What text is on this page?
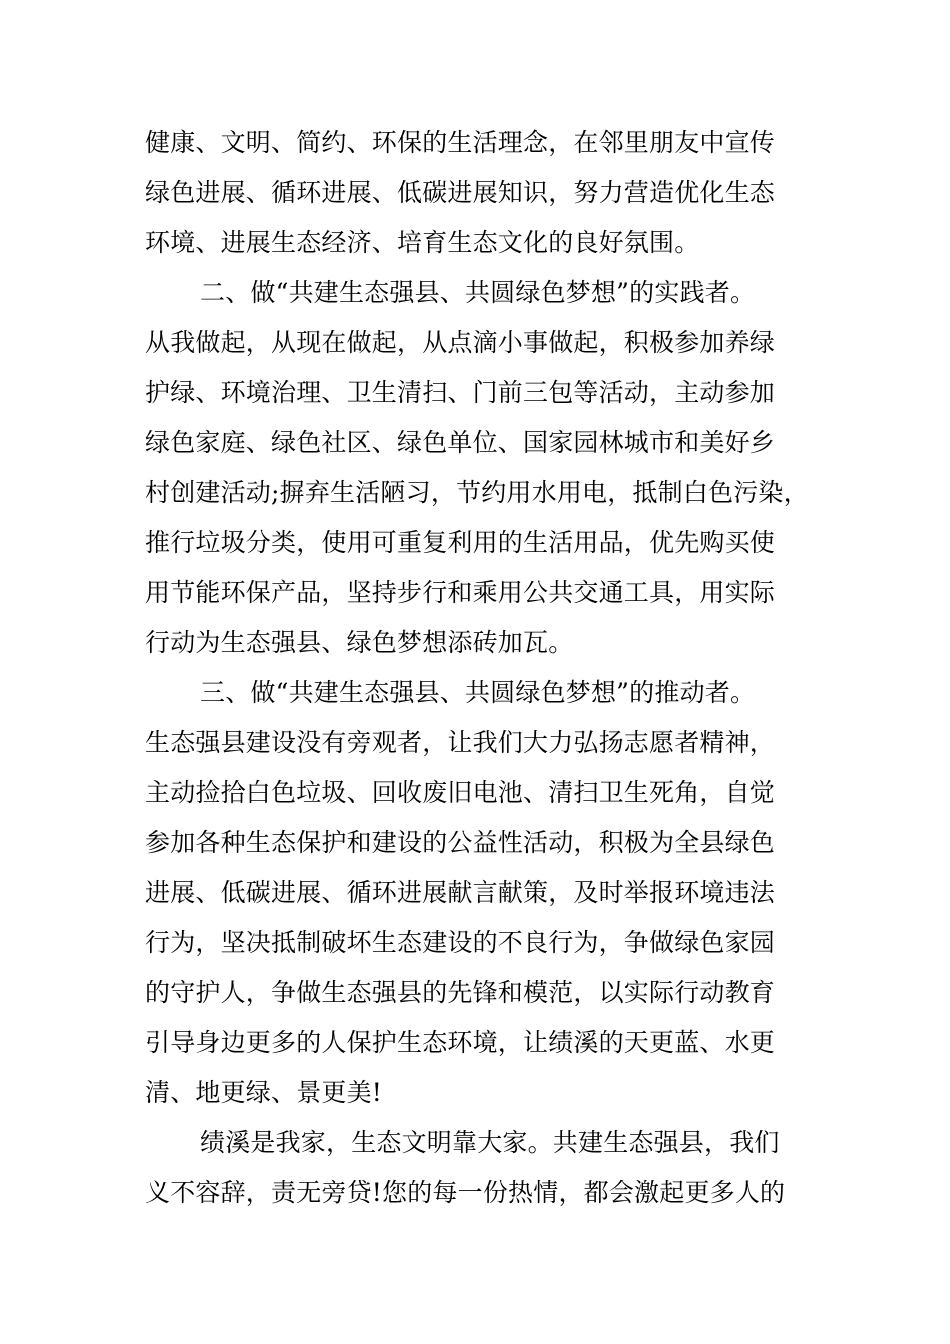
健康、文明、简约、环保的生活理念，在邻里朋友中宣传
绿色进展、循环进展、低碳进展知识，努力营造优化生态
环境、进展生态经济、培育生态文化的良好氛围。
二、做“共建生态强县、共圆绿色梦想”的实践者。
从我做起，从现在做起，从点滴小事做起，积极参加养绿
护绿、环境治理、卫生清扫、门前三包等活动，主动参加
绿色家庭、绿色社区、绿色单位、国家园林城市和美好乡
村创建活动;摒弃生活陋习，节约用水用电，抵制白色污染，
推行垃圾分类，使用可重复利用的生活用品，优先购买使
用节能环保产品，坚持步行和乘用公共交通工具，用实际
行动为生态强县、绿色梦想添砖加瓦。
三、做“共建生态强县、共圆绿色梦想”的推动者。
生态强县建设没有旁观者，让我们大力弘扬志愿者精神，
主动捡拾白色垃圾、回收废旧电池、清扫卫生死角，自觉
参加各种生态保护和建设的公益性活动，积极为全县绿色
进展、低碳进展、循环进展献言献策，及时举报环境违法
行为，坚决抵制破坏生态建设的不良行为，争做绿色家园
的守护人，争做生态强县的先锋和模范，以实际行动教育
引导身边更多的人保护生态环境，让绩溪的天更蓝、水更
清、地更绿、景更美!
绩溪是我家，生态文明靠大家。共建生态强县，我们
义不容辞，责无旁贷!您的每一份热情，都会激起更多人的
